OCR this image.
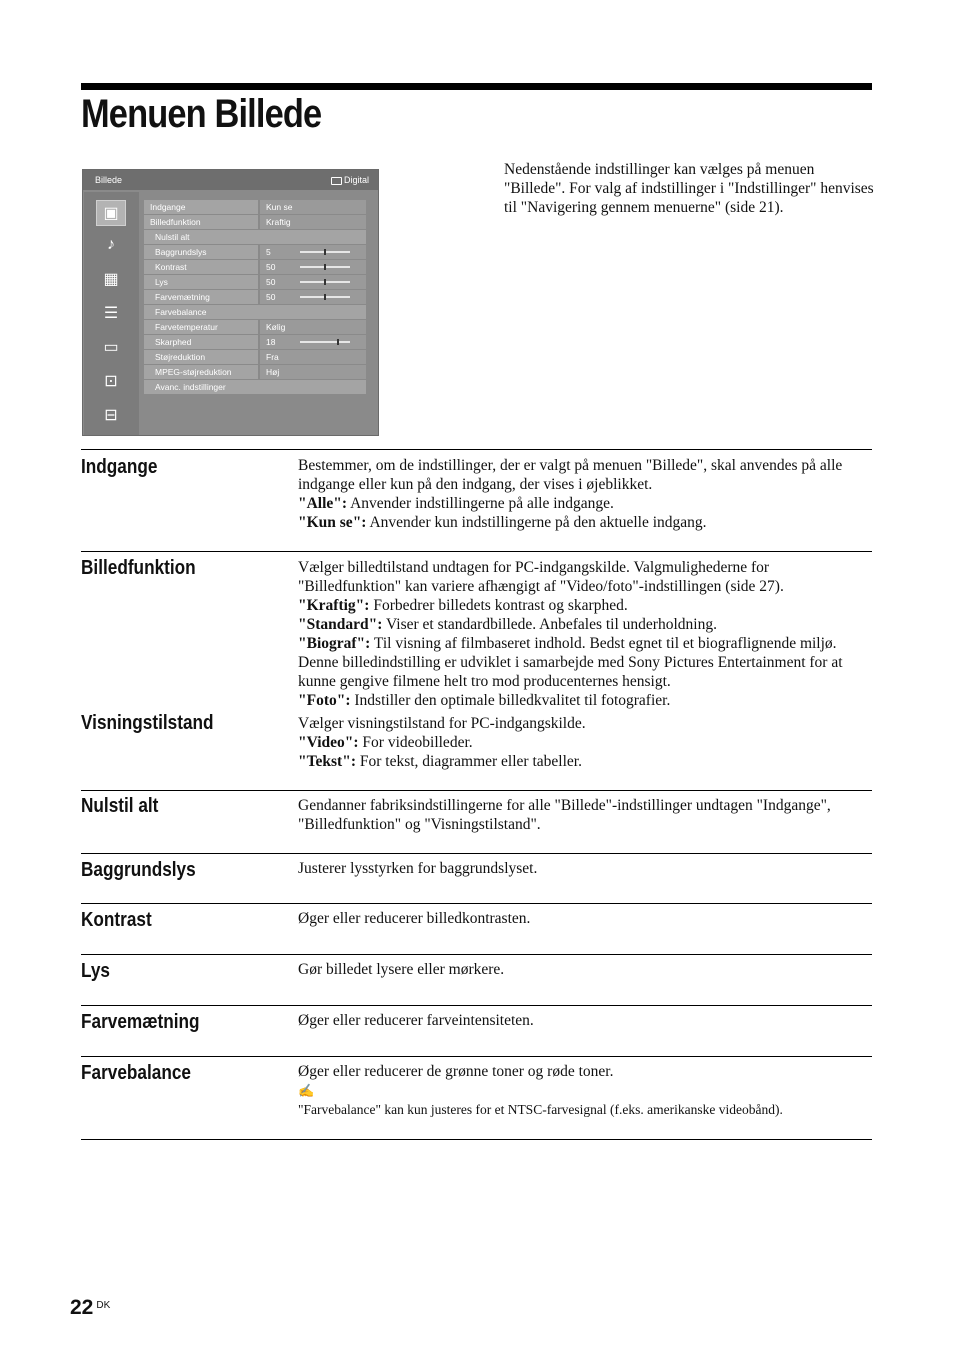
Menuen Billede
Billede	Digital
▣
♪
▦
☰
▭
⊡
⊟
Indgange	Kun se
Billedfunktion	Kraftig
Nulstil alt
Baggrundslys	5
Kontrast	50
Lys	50
Farvemætning	50
Farvebalance
Farvetemperatur	Kølig
Skarphed	18
Støjreduktion	Fra
MPEG-støjreduktion	Høj
Avanc. indstillinger

Nedenstående indstillinger kan vælges på menuen "Billede". For valg af indstillinger i "Indstillinger" henvises til "Navigering gennem menuerne" (side 21).

Indgange	Bestemmer, om de indstillinger, der er valgt på menuen "Billede", skal anvendes på alle indgange eller kun på den indgang, der vises i øjeblikket.
"Alle": Anvender indstillingerne på alle indgange.
"Kun se": Anvender kun indstillingerne på den aktuelle indgang.
Billedfunktion	Vælger billedtilstand undtagen for PC-indgangskilde. Valgmulighederne for "Billedfunktion" kan variere afhængigt af "Video/foto"-indstillingen (side 27).
"Kraftig": Forbedrer billedets kontrast og skarphed.
"Standard": Viser et standardbillede. Anbefales til underholdning.
"Biograf": Til visning af filmbaseret indhold. Bedst egnet til et biograflignende miljø. Denne billedindstilling er udviklet i samarbejde med Sony Pictures Entertainment for at kunne gengive filmene helt tro mod producenternes hensigt.
"Foto": Indstiller den optimale billedkvalitet til fotografier.
Visningstilstand	Vælger visningstilstand for PC-indgangskilde.
"Video": For videobilleder.
"Tekst": For tekst, diagrammer eller tabeller.
Nulstil alt	Gendanner fabriksindstillingerne for alle "Billede"-indstillinger undtagen "Indgange", "Billedfunktion" og "Visningstilstand".
Baggrundslys	Justerer lysstyrken for baggrundslyset.
Kontrast	Øger eller reducerer billedkontrasten.
Lys	Gør billedet lysere eller mørkere.
Farvemætning	Øger eller reducerer farveintensiteten.
Farvebalance	Øger eller reducerer de grønne toner og røde toner.
✍
"Farvebalance" kan kun justeres for et NTSC-farvesignal (f.eks. amerikanske videobånd).
22 $^{DK}$
